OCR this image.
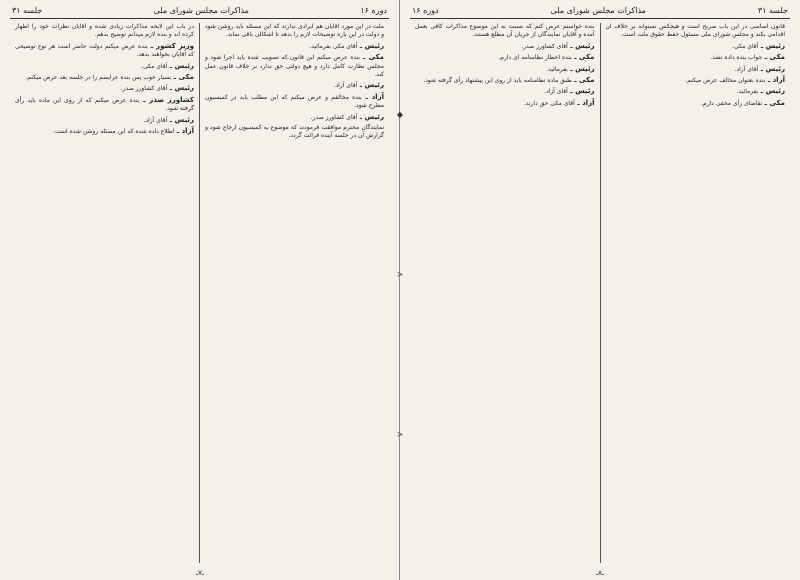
دوره ۱۶
مذاکرات مجلس شورای ملی
جلسه ۳۱

ملت در این مورد آقایان هم ایرادی ندارند که این مسئله باید روشن شود و دولت در این باره توضیحات لازم را بدهد تا اشکالی باقی نماند.

رئیس ـ آقای مکی بفرمائید.

مکی ـ بنده عرض میکنم این قانون که تصویب شده باید اجرا شود و مجلس نظارت کامل دارد و هیچ دولتی حق ندارد بر خلاف قانون عمل کند.

رئیس ـ آقای آزاد.

آزاد ـ بنده مخالفم و عرض میکنم که این مطلب باید در کمیسیون مطرح شود.

رئیس ـ آقای کشاورز صدر.

نمایندگان محترم موافقت فرمودند که موضوع به کمیسیون ارجاع شود و گزارش آن در جلسه آینده قرائت گردد.

در باب این لایحه مذاکرات زیادی شده و آقایان نظرات خود را اظهار کرده اند و بنده لازم میدانم توضیح بدهم.

وزیر کشور ـ بنده عرض میکنم دولت حاضر است هر نوع توضیحی که آقایان بخواهند بدهد.

رئیس ـ آقای مکی.

مکی ـ بسیار خوب پس بنده عرایضم را در جلسه بعد عرض میکنم.

رئیس ـ آقای کشاورز صدر.

کشاورز صدر ـ بنده عرض میکنم که از روی این ماده باید رأی گرفته شود.

رئیس ـ آقای آزاد.

آزاد ـ اطلاع داده شده که این مسئله روشن شده است.

ـ۷ـ
جلسه ۳۱
مذاکرات مجلس شورای ملی
دوره ۱۶

قانون اساسی در این باب صریح است و هیچکس نمیتواند بر خلاف آن اقدامی بکند و مجلس شورای ملی مسئول حفظ حقوق ملت است.

رئیس ـ آقای مکی.

مکی ـ جواب بنده داده نشد.

رئیس ـ آقای آزاد.

آزاد ـ بنده بعنوان مخالف عرض میکنم.

رئیس ـ بفرمائید.

مکی ـ تقاضای رأی مخفی دارم.

بنده خواستم عرض کنم که نسبت به این موضوع مذاکرات کافی بعمل آمده و آقایان نمایندگان از جریان آن مطلع هستند.

رئیس ـ آقای کشاورز صدر.

مکی ـ بنده اخطار نظامنامه ای دارم.

رئیس ـ بفرمائید.

مکی ـ طبق ماده نظامنامه باید از روی این پیشنهاد رأی گرفته شود.

رئیس ـ آقای آزاد.

آزاد ـ آقای مکی حق دارند.

ـ۸ـ
◆
>
>
